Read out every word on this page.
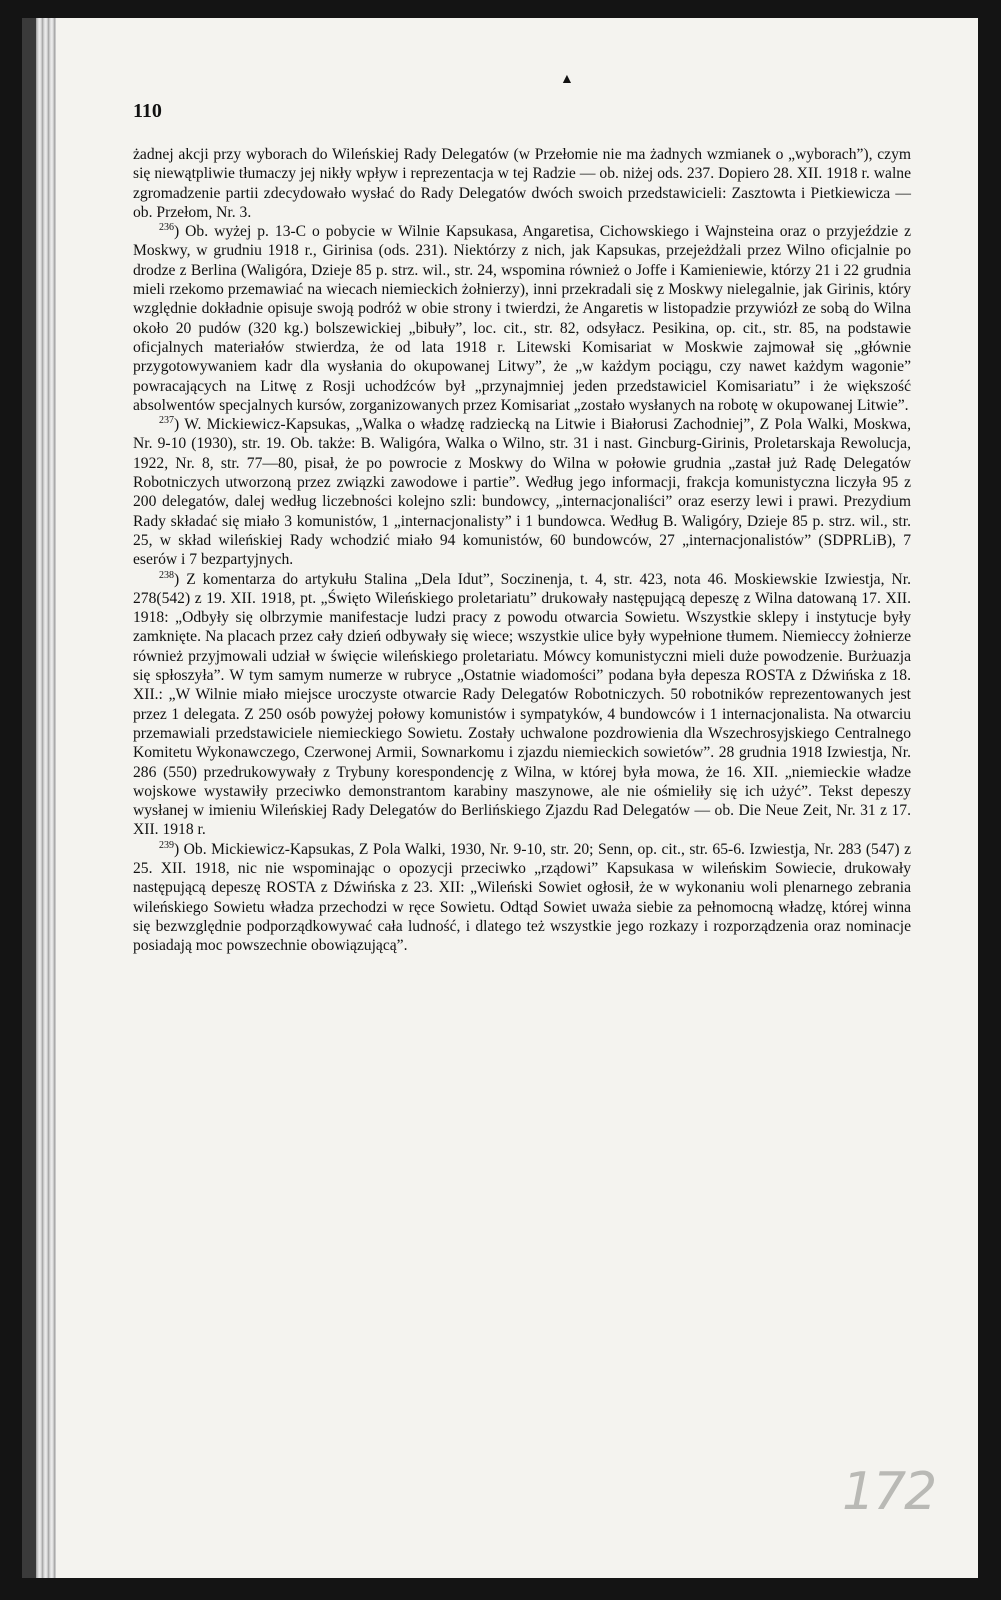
▲
110

żadnej akcji przy wyborach do Wileńskiej Rady Delegatów (w Przełomie nie ma żadnych wzmianek o „wyborach”), czym się niewątpliwie tłumaczy jej nikły wpływ i reprezentacja w tej Radzie — ob. niżej ods. 237. Dopiero 28. XII. 1918 r. walne zgromadzenie partii zdecydowało wysłać do Rady Delegatów dwóch swoich przedstawicieli: Zasztowta i Pietkiewicza — ob. Przełom, Nr. 3.

$^{236}$) Ob. wyżej p. 13-C o pobycie w Wilnie Kapsukasa, Angaretisa, Cichowskiego i Wajnsteina oraz o przyjeździe z Moskwy, w grudniu 1918 r., Girinisa (ods. 231). Niektórzy z nich, jak Kapsukas, przejeżdżali przez Wilno oficjalnie po drodze z Berlina (Waligóra, Dzieje 85 p. strz. wil., str. 24, wspomina również o Joffe i Kamieniewie, którzy 21 i 22 grudnia mieli rzekomo przemawiać na wiecach niemieckich żołnierzy), inni przekradali się z Moskwy nielegalnie, jak Girinis, który względnie dokładnie opisuje swoją podróż w obie strony i twierdzi, że Angaretis w listopadzie przywiózł ze sobą do Wilna około 20 pudów (320 kg.) bolszewickiej „bibuły”, loc. cit., str. 82, odsyłacz. Pesikina, op. cit., str. 85, na podstawie oficjalnych materiałów stwierdza, że od lata 1918 r. Litewski Komisariat w Moskwie zajmował się „głównie przygotowywaniem kadr dla wysłania do okupowanej Litwy”, że „w każdym pociągu, czy nawet każdym wagonie” powracających na Litwę z Rosji uchodźców był „przynajmniej jeden przedstawiciel Komisariatu” i że większość absolwentów specjalnych kursów, zorganizowanych przez Komisariat „zostało wysłanych na robotę w okupowanej Litwie”.

$^{237}$) W. Mickiewicz-Kapsukas, „Walka o władzę radziecką na Litwie i Białorusi Zachodniej”, Z Pola Walki, Moskwa, Nr. 9-10 (1930), str. 19. Ob. także: B. Waligóra, Walka o Wilno, str. 31 i nast. Gincburg-Girinis, Proletarskaja Rewolucja, 1922, Nr. 8, str. 77—80, pisał, że po powrocie z Moskwy do Wilna w połowie grudnia „zastał już Radę Delegatów Robotniczych utworzoną przez związki zawodowe i partie”. Według jego informacji, frakcja komunistyczna liczyła 95 z 200 delegatów, dalej według liczebności kolejno szli: bundowcy, „internacjonaliści” oraz eserzy lewi i prawi. Prezydium Rady składać się miało 3 komunistów, 1 „internacjonalisty” i 1 bundowca. Według B. Waligóry, Dzieje 85 p. strz. wil., str. 25, w skład wileńskiej Rady wchodzić miało 94 komunistów, 60 bundowców, 27 „internacjonalistów” (SDPRLiB), 7 eserów i 7 bezpartyjnych.

$^{238}$) Z komentarza do artykułu Stalina „Dela Idut”, Soczinenja, t. 4, str. 423, nota 46. Moskiewskie Izwiestja, Nr. 278(542) z 19. XII. 1918, pt. „Święto Wileńskiego proletariatu” drukowały następującą depeszę z Wilna datowaną 17. XII. 1918: „Odbyły się olbrzymie manifestacje ludzi pracy z powodu otwarcia Sowietu. Wszystkie sklepy i instytucje były zamknięte. Na placach przez cały dzień odbywały się wiece; wszystkie ulice były wypełnione tłumem. Niemieccy żołnierze również przyjmowali udział w święcie wileńskiego proletariatu. Mówcy komunistyczni mieli duże powodzenie. Burżuazja się spłoszyła”. W tym samym numerze w rubryce „Ostatnie wiadomości” podana była depesza ROSTA z Dźwińska z 18. XII.: „W Wilnie miało miejsce uroczyste otwarcie Rady Delegatów Robotniczych. 50 robotników reprezentowanych jest przez 1 delegata. Z 250 osób powyżej połowy komunistów i sympatyków, 4 bundowców i 1 internacjonalista. Na otwarciu przemawiali przedstawiciele niemieckiego Sowietu. Zostały uchwalone pozdrowienia dla Wszechrosyjskiego Centralnego Komitetu Wykonawczego, Czerwonej Armii, Sownarkomu i zjazdu niemieckich sowietów”. 28 grudnia 1918 Izwiestja, Nr. 286 (550) przedrukowywały z Trybuny korespondencję z Wilna, w której była mowa, że 16. XII. „niemieckie władze wojskowe wystawiły przeciwko demonstrantom karabiny maszynowe, ale nie ośmieliły się ich użyć”. Tekst depeszy wysłanej w imieniu Wileńskiej Rady Delegatów do Berlińskiego Zjazdu Rad Delegatów — ob. Die Neue Zeit, Nr. 31 z 17. XII. 1918 r.

$^{239}$) Ob. Mickiewicz-Kapsukas, Z Pola Walki, 1930, Nr. 9-10, str. 20; Senn, op. cit., str. 65-6. Izwiestja, Nr. 283 (547) z 25. XII. 1918, nic nie wspominając o opozycji przeciwko „rządowi” Kapsukasa w wileńskim Sowiecie, drukowały następującą depeszę ROSTA z Dźwińska z 23. XII: „Wileński Sowiet ogłosił, że w wykonaniu woli plenarnego zebrania wileńskiego Sowietu władza przechodzi w ręce Sowietu. Odtąd Sowiet uważa siebie za pełnomocną władzę, której winna się bezwzględnie podporządkowywać cała ludność, i dlatego też wszystkie jego rozkazy i rozporządzenia oraz nominacje posiadają moc powszechnie obowiązującą”.

172
